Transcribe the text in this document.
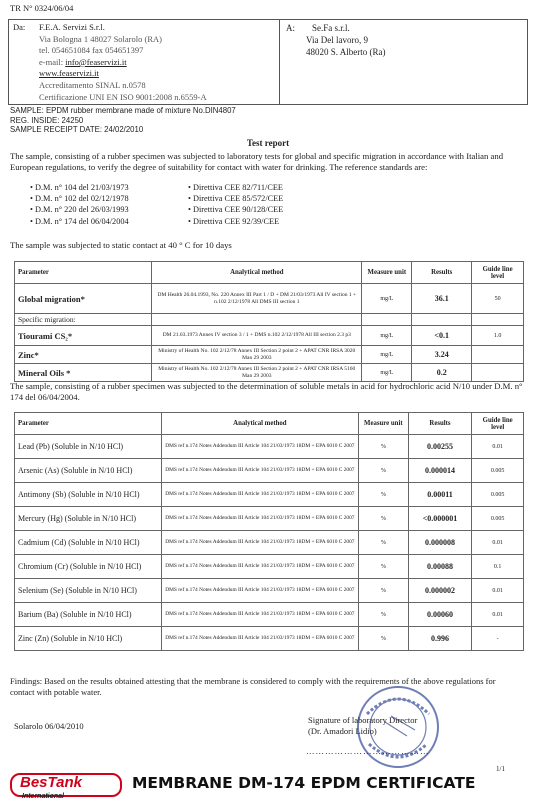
TR N° 0324/06/04
Da: F.E.A. Servizi S.r.l.
Via Bologna 1 48027 Solarolo (RA)
tel. 054651084 fax 054651397
e-mail: info@feaservizi.it
www.feaservizi.it
Accreditamento SINAL n.0578
Certificazione UNI EN ISO 9001:2008 n.6559-A
A: Se.Fa s.r.l.
Via Del lavoro, 9
48020 S. Alberto (Ra)
SAMPLE: EPDM rubber membrane made of mixture No.DIN4807
REG. INSIDE: 24250
SAMPLE RECEIPT DATE: 24/02/2010
Test report
The sample, consisting of a rubber specimen was subjected to laboratory tests for global and specific migration in accordance with Italian and European regulations, to verify the degree of suitability for contact with water for drinking. The reference standards are:
• D.M. n° 104 del 21/03/1973	• Direttiva CEE 82/711/CEE
• D.M. n° 102 del 02/12/1978	• Direttiva CEE 85/572/CEE
• D.M. n° 220 del 26/03/1993	• Direttiva CEE 90/128/CEE
• D.M. n° 174 del 06/04/2004	• Direttiva CEE 92/39/CEE
The sample was subjected to static contact at 40 ° C for 10 days
Parameter	Analytical method	Measure unit	Results	Guide line level
Global migration*	DM Health 26.04.1993, No. 220 Annex III Part 1 / D + DM 21/03/1973 All IV section 1 + n.102 2/12/1978 All DMS III section 1	mg/L	36.1	50
Specific migration:				
Tiourami CS₂*	DM 21.03.1973 Annex IV section 3 / 1 + DMS n.102 2/12/1978 All III section 2.3 p3	mg/L	<0.1	1.0
Zinc*	Ministry of Health No. 102 2/12/78 Annex III Section 2 point 2 + APAT CNR IRSA 3020 Man 29 2003	mg/L	3.24	
Mineral Oils *	Ministry of Health No. 102 2/12/78 Annex III Section 2 point 2 + APAT CNR IRSA 5160 Man 29 2003	mg/L	0.2	
The sample, consisting of a rubber specimen was subjected to the determination of soluble metals in acid for hydrochloric acid N/10 under D.M. n° 174 del 06/04/2004.
Parameter	Analytical method	Measure unit	Results	Guide line level
Lead (Pb) (Soluble in N/10 HCl)	DMS ref n.174 Notes Addendum III Article 104 21/03/1973 18DM + EPA 6010 C 2007	%	0.00255	0.01
Arsenic (As) (Soluble in N/10 HCl)	DMS ref n.174 Notes Addendum III Article 104 21/03/1973 18DM + EPA 6010 C 2007	%	0.000014	0.005
Antimony (Sb) (Soluble in N/10 HCl)	DMS ref n.174 Notes Addendum III Article 104 21/03/1973 18DM + EPA 6010 C 2007	%	0.00011	0.005
Mercury (Hg) (Soluble in N/10 HCl)	DMS ref n.174 Notes Addendum III Article 104 21/03/1973 18DM + EPA 6010 C 2007	%	<0.000001	0.005
Cadmium (Cd) (Soluble in N/10 HCl)	DMS ref n.174 Notes Addendum III Article 104 21/03/1973 18DM + EPA 6010 C 2007	%	0.000008	0.01
Chromium (Cr) (Soluble in N/10 HCl)	DMS ref n.174 Notes Addendum III Article 104 21/03/1973 18DM + EPA 6010 C 2007	%	0.00088	0.1
Selenium (Se) (Soluble in N/10 HCl)	DMS ref n.174 Notes Addendum III Article 104 21/03/1973 18DM + EPA 6010 C 2007	%	0.000002	0.01
Barium (Ba) (Soluble in N/10 HCl)	DMS ref n.174 Notes Addendum III Article 104 21/03/1973 18DM + EPA 6010 C 2007	%	0.00060	0.01
Zinc (Zn) (Soluble in N/10 HCl)	DMS ref n.174 Notes Addendum III Article 104 21/03/1973 18DM + EPA 6010 C 2007	%	0.996	-
Findings: Based on the results obtained attesting that the membrane is considered to comply with the requirements of the above regulations for contact with potable water.
Solarolo 06/04/2010
Signature of laboratory Director
(Dr. Amadori Lidio)
…………………………………
1/1
BesTank
International
MEMBRANE DM-174 EPDM CERTIFICATE
